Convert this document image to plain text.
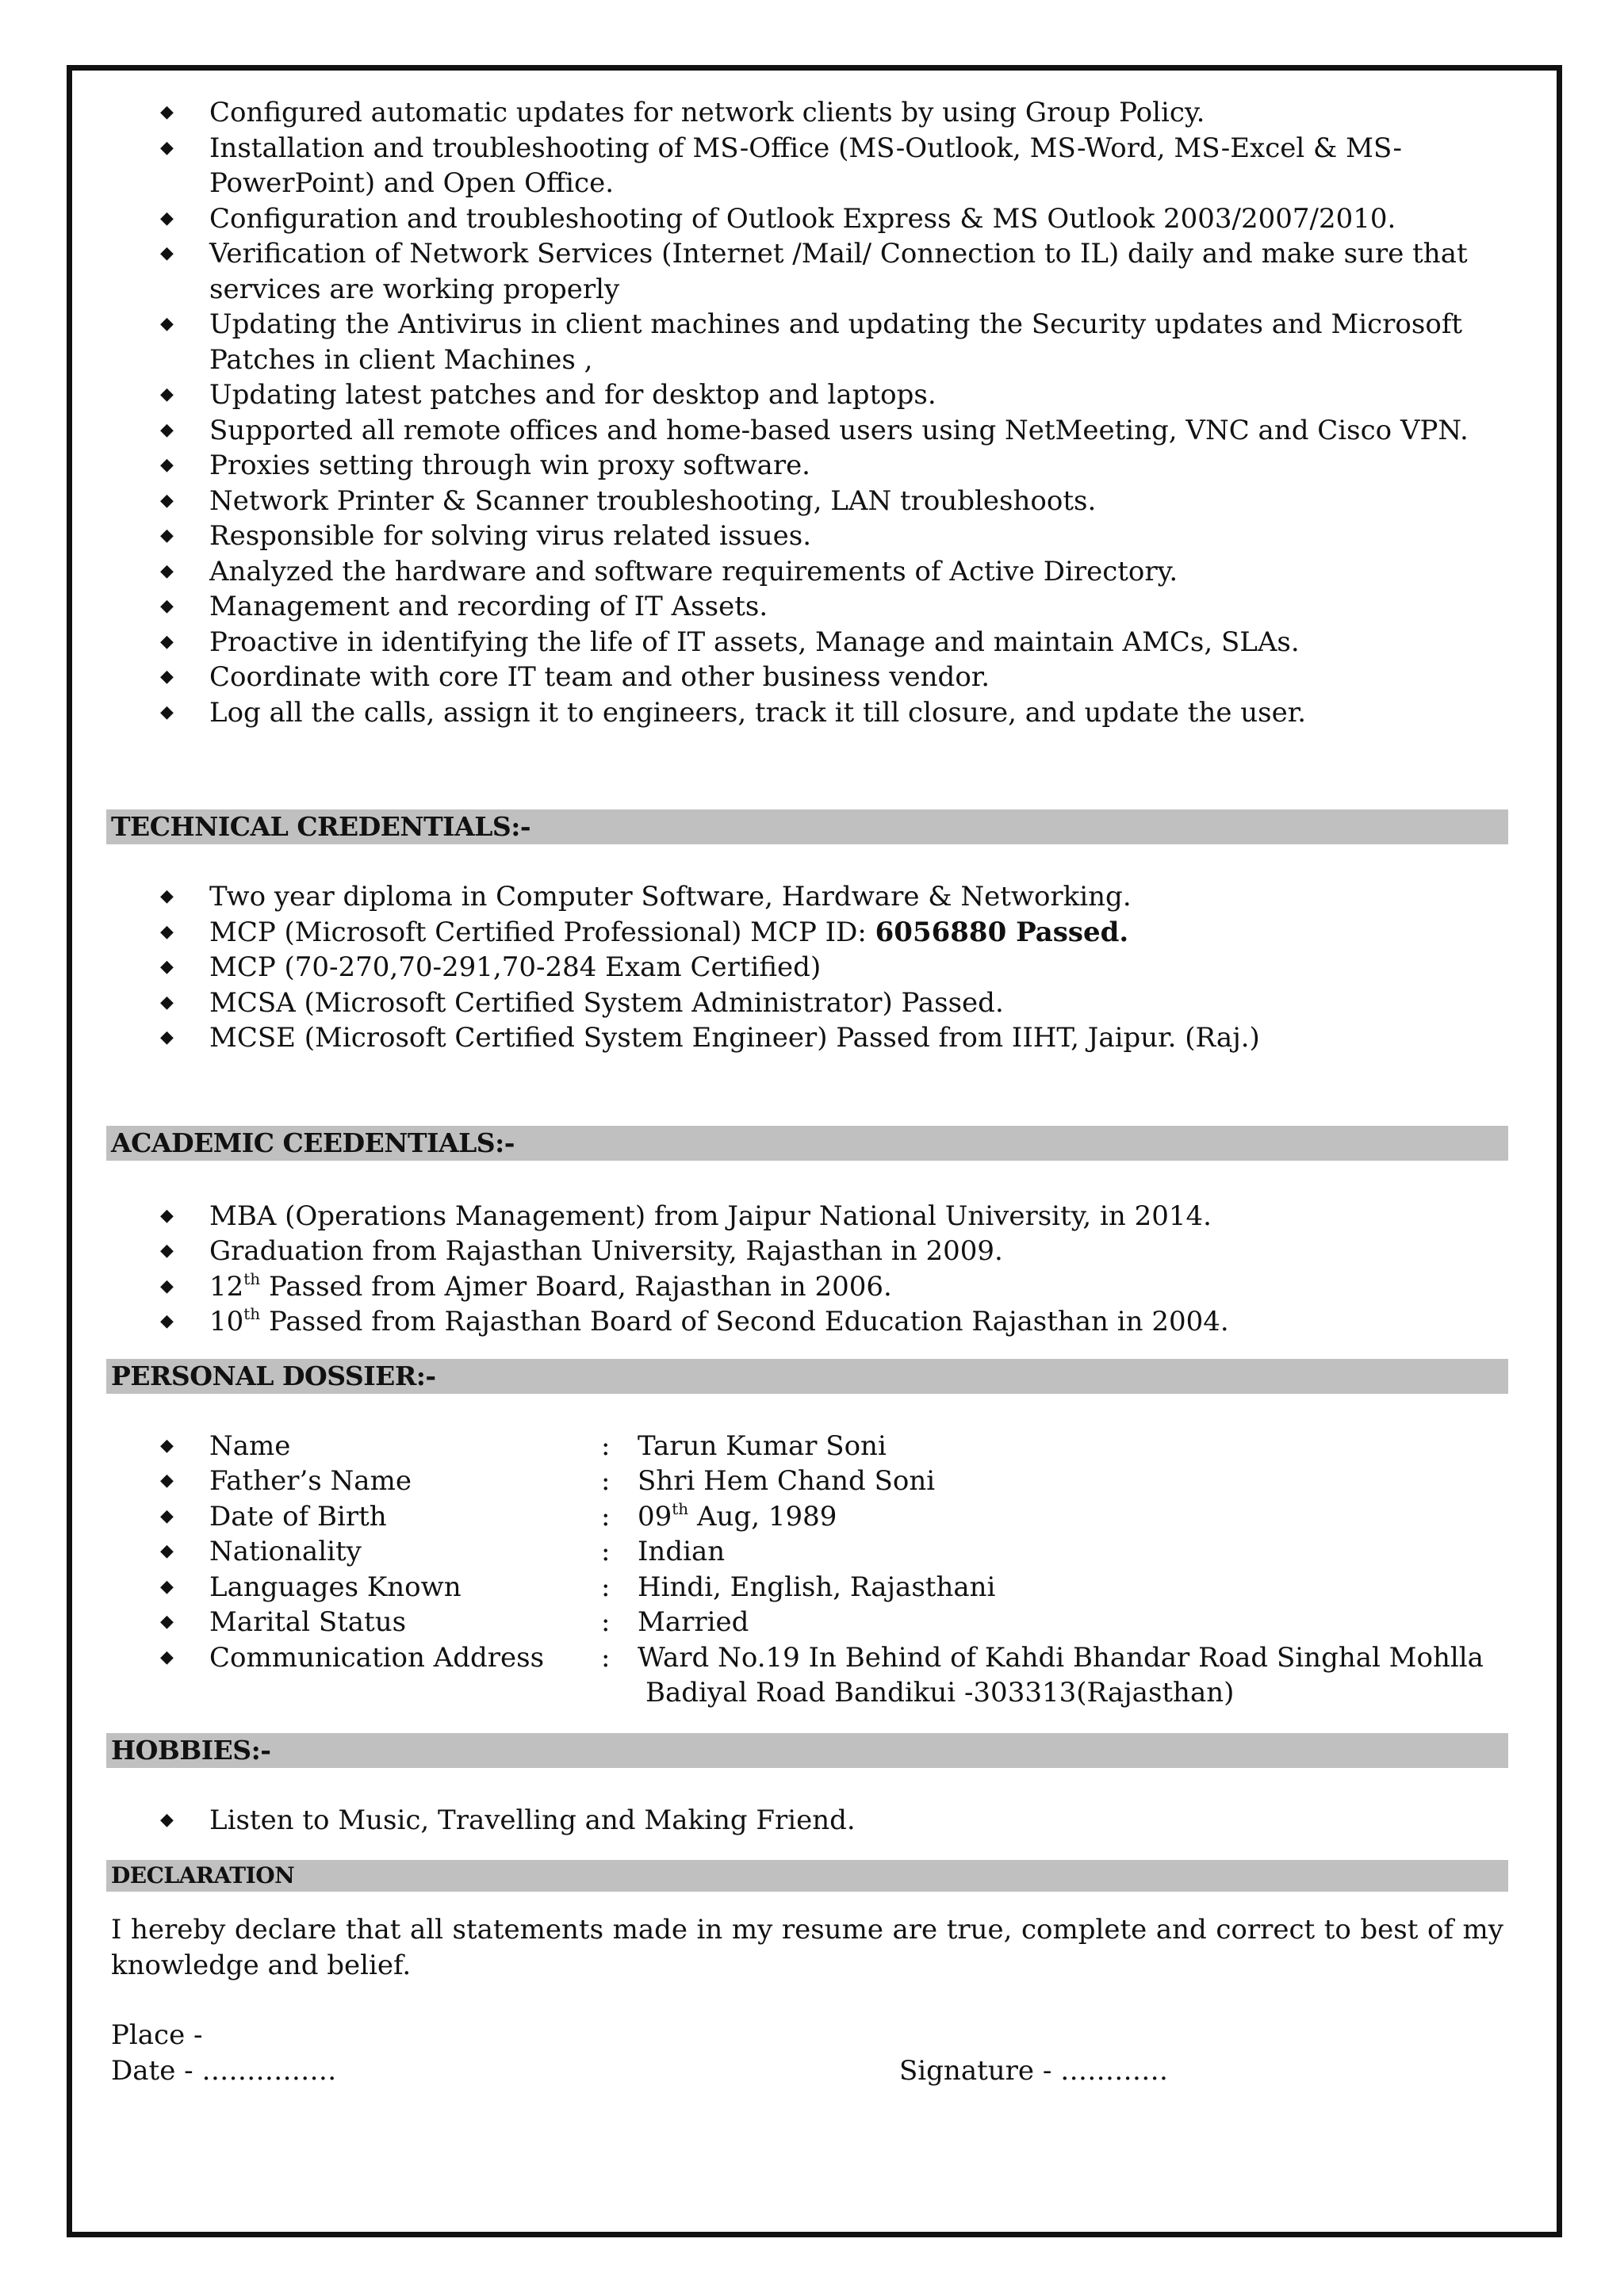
◆ Configured automatic updates for network clients by using Group Policy.
◆ Installation and troubleshooting of MS-Office (MS-Outlook, MS-Word, MS-Excel & MS-PowerPoint) and Open Office.
◆ Configuration and troubleshooting of Outlook Express & MS Outlook 2003/2007/2010.
◆ Verification of Network Services (Internet /Mail/ Connection to IL) daily and make sure that services are working properly
◆ Updating the Antivirus in client machines and updating the Security updates and Microsoft Patches in client Machines ,
◆ Updating latest patches and for desktop and laptops.
◆ Supported all remote offices and home-based users using NetMeeting, VNC and Cisco VPN.
◆ Proxies setting through win proxy software.
◆ Network Printer & Scanner troubleshooting, LAN troubleshoots.
◆ Responsible for solving virus related issues.
◆ Analyzed the hardware and software requirements of Active Directory.
◆ Management and recording of IT Assets.
◆ Proactive in identifying the life of IT assets, Manage and maintain AMCs, SLAs.
◆ Coordinate with core IT team and other business vendor.
◆ Log all the calls, assign it to engineers, track it till closure, and update the user.
TECHNICAL CREDENTIALS:-
◆ Two year diploma in Computer Software, Hardware & Networking.
◆ MCP (Microsoft Certified Professional) MCP ID: 6056880 Passed.
◆ MCP (70-270,70-291,70-284 Exam Certified)
◆ MCSA (Microsoft Certified System Administrator) Passed.
◆ MCSE (Microsoft Certified System Engineer) Passed from IIHT, Jaipur. (Raj.)
ACADEMIC CEEDENTIALS:-
◆ MBA (Operations Management) from Jaipur National University, in 2014.
◆ Graduation from Rajasthan University, Rajasthan in 2009.
◆ 12th Passed from Ajmer Board, Rajasthan in 2006.
◆ 10th Passed from Rajasthan Board of Second Education Rajasthan in 2004.
PERSONAL DOSSIER:-
◆ Name	: Tarun Kumar Soni
◆ Father’s Name	: Shri Hem Chand Soni
◆ Date of Birth	: 09th Aug, 1989
◆ Nationality	: Indian
◆ Languages Known	: Hindi, English, Rajasthani
◆ Marital Status	: Married
◆ Communication Address : Ward No.19 In Behind of Kahdi Bhandar Road Singhal Mohlla
Badiyal Road Bandikui -303313(Rajasthan)
HOBBIES:-
◆ Listen to Music, Travelling and Making Friend.
DECLARATION
I hereby declare that all statements made in my resume are true, complete and correct to best of my knowledge and belief.
Place -
Date - ……………	Signature - …………
